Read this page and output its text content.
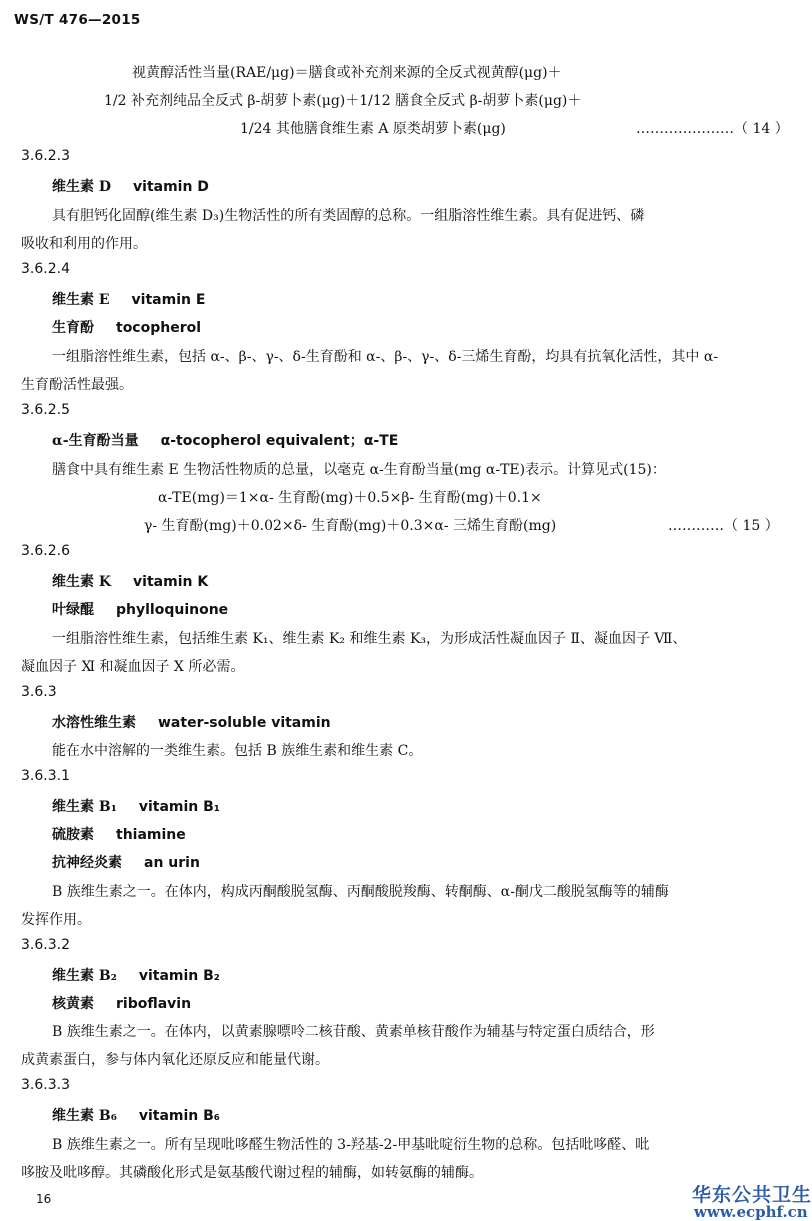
WS/T 476—2015
视黄醇活性当量(RAE/μg)＝膳食或补充剂来源的全反式视黄醇(μg)＋
1/2 补充剂纯品全反式 β-胡萝卜素(μg)＋1/12 膳食全反式 β-胡萝卜素(μg)＋
1/24 其他膳食维生素 A 原类胡萝卜素(μg)	…………………（ 14 ）
3.6.2.3
维生素 D vitamin D
具有胆钙化固醇(维生素 D₃)生物活性的所有类固醇的总称。一组脂溶性维生素。具有促进钙、磷
吸收和利用的作用。
3.6.2.4
维生素 E vitamin E
生育酚 tocopherol
一组脂溶性维生素，包括 α-、β-、γ-、δ-生育酚和 α-、β-、γ-、δ-三烯生育酚，均具有抗氧化活性，其中 α-
生育酚活性最强。
3.6.2.5
α-生育酚当量 α-tocopherol equivalent；α-TE
膳食中具有维生素 E 生物活性物质的总量，以毫克 α-生育酚当量(mg α-TE)表示。计算见式(15)：
α-TE(mg)＝1×α- 生育酚(mg)＋0.5×β- 生育酚(mg)＋0.1×
γ- 生育酚(mg)＋0.02×δ- 生育酚(mg)＋0.3×α- 三烯生育酚(mg)	…………（ 15 ）
3.6.2.6
维生素 K vitamin K
叶绿醌 phylloquinone
一组脂溶性维生素，包括维生素 K₁、维生素 K₂ 和维生素 K₃，为形成活性凝血因子 Ⅱ、凝血因子 Ⅶ、
凝血因子 Ⅺ 和凝血因子 Ⅹ 所必需。
3.6.3
水溶性维生素 water-soluble vitamin
能在水中溶解的一类维生素。包括 B 族维生素和维生素 C。
3.6.3.1
维生素 B₁ vitamin B₁
硫胺素 thiamine
抗神经炎素 an urin
B 族维生素之一。在体内，构成丙酮酸脱氢酶、丙酮酸脱羧酶、转酮酶、α-酮戊二酸脱氢酶等的辅酶
发挥作用。
3.6.3.2
维生素 B₂ vitamin B₂
核黄素 riboflavin
B 族维生素之一。在体内，以黄素腺嘌呤二核苷酸、黄素单核苷酸作为辅基与特定蛋白质结合，形
成黄素蛋白，参与体内氧化还原反应和能量代谢。
3.6.3.3
维生素 B₆ vitamin B₆
B 族维生素之一。所有呈现吡哆醛生物活性的 3-羟基-2-甲基吡啶衍生物的总称。包括吡哆醛、吡
哆胺及吡哆醇。其磷酸化形式是氨基酸代谢过程的辅酶，如转氨酶的辅酶。
16	华东公共卫生
www.ecphf.cn
